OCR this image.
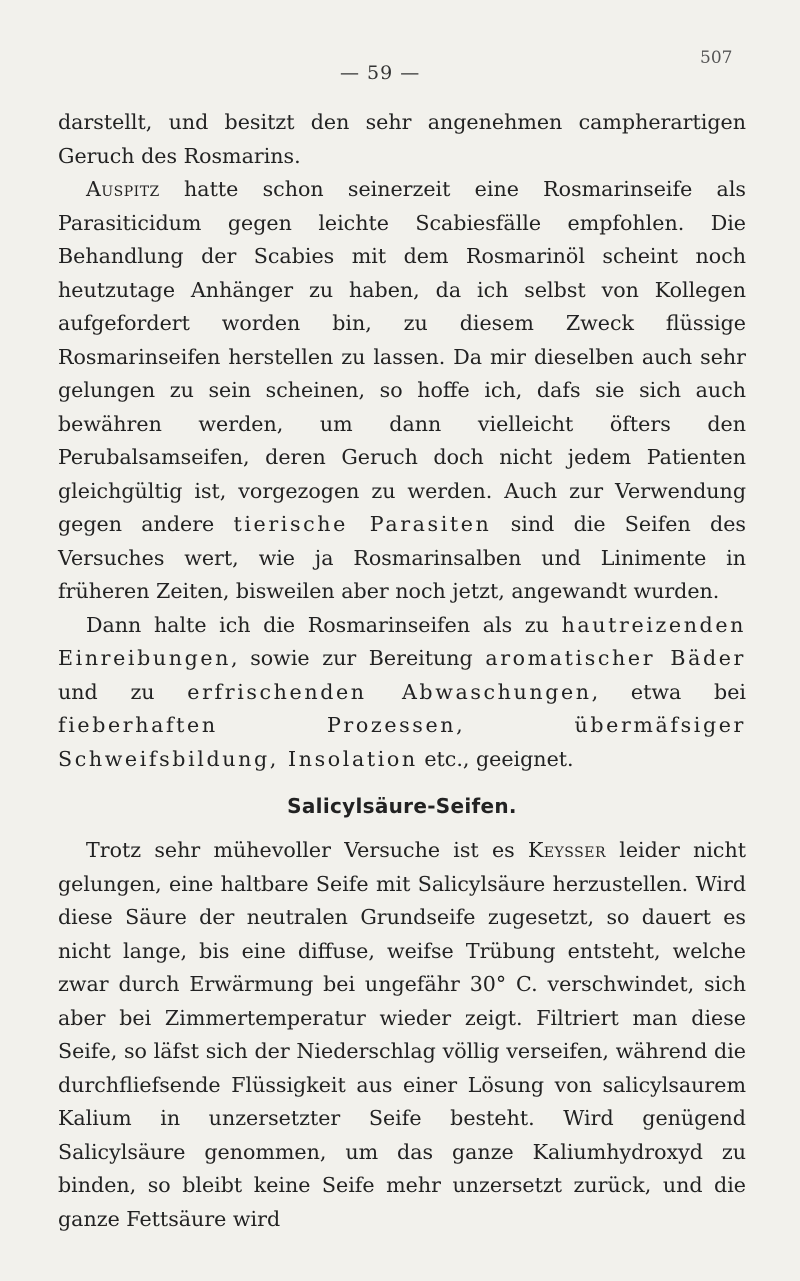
— 59 —
507

darstellt, und besitzt den sehr angenehmen campherartigen Geruch des Rosmarins.

Auspitz hatte schon seinerzeit eine Rosmarinseife als Parasiticidum gegen leichte Scabiesfälle empfohlen. Die Behandlung der Scabies mit dem Rosmarinöl scheint noch heutzutage Anhänger zu haben, da ich selbst von Kollegen aufgefordert worden bin, zu diesem Zweck flüssige Rosmarinseifen herstellen zu lassen. Da mir dieselben auch sehr gelungen zu sein scheinen, so hoffe ich, dafs sie sich auch bewähren werden, um dann vielleicht öfters den Perubalsamseifen, deren Geruch doch nicht jedem Patienten gleichgültig ist, vorgezogen zu werden. Auch zur Verwendung gegen andere tierische Parasiten sind die Seifen des Versuches wert, wie ja Rosmarinsalben und Linimente in früheren Zeiten, bisweilen aber noch jetzt, angewandt wurden.

Dann halte ich die Rosmarinseifen als zu hautreizenden Einreibungen, sowie zur Bereitung aromatischer Bäder und zu erfrischenden Abwaschungen, etwa bei fieberhaften Prozessen, übermäfsiger Schweifsbildung, Insolation etc., geeignet.

Salicylsäure-Seifen.

Trotz sehr mühevoller Versuche ist es Keysser leider nicht gelungen, eine haltbare Seife mit Salicylsäure herzustellen. Wird diese Säure der neutralen Grundseife zugesetzt, so dauert es nicht lange, bis eine diffuse, weifse Trübung entsteht, welche zwar durch Erwärmung bei ungefähr 30° C. verschwindet, sich aber bei Zimmertemperatur wieder zeigt. Filtriert man diese Seife, so läfst sich der Niederschlag völlig verseifen, während die durchfliefsende Flüssigkeit aus einer Lösung von salicylsaurem Kalium in unzersetzter Seife besteht. Wird genügend Salicylsäure genommen, um das ganze Kaliumhydroxyd zu binden, so bleibt keine Seife mehr unzersetzt zurück, und die ganze Fettsäure wird
